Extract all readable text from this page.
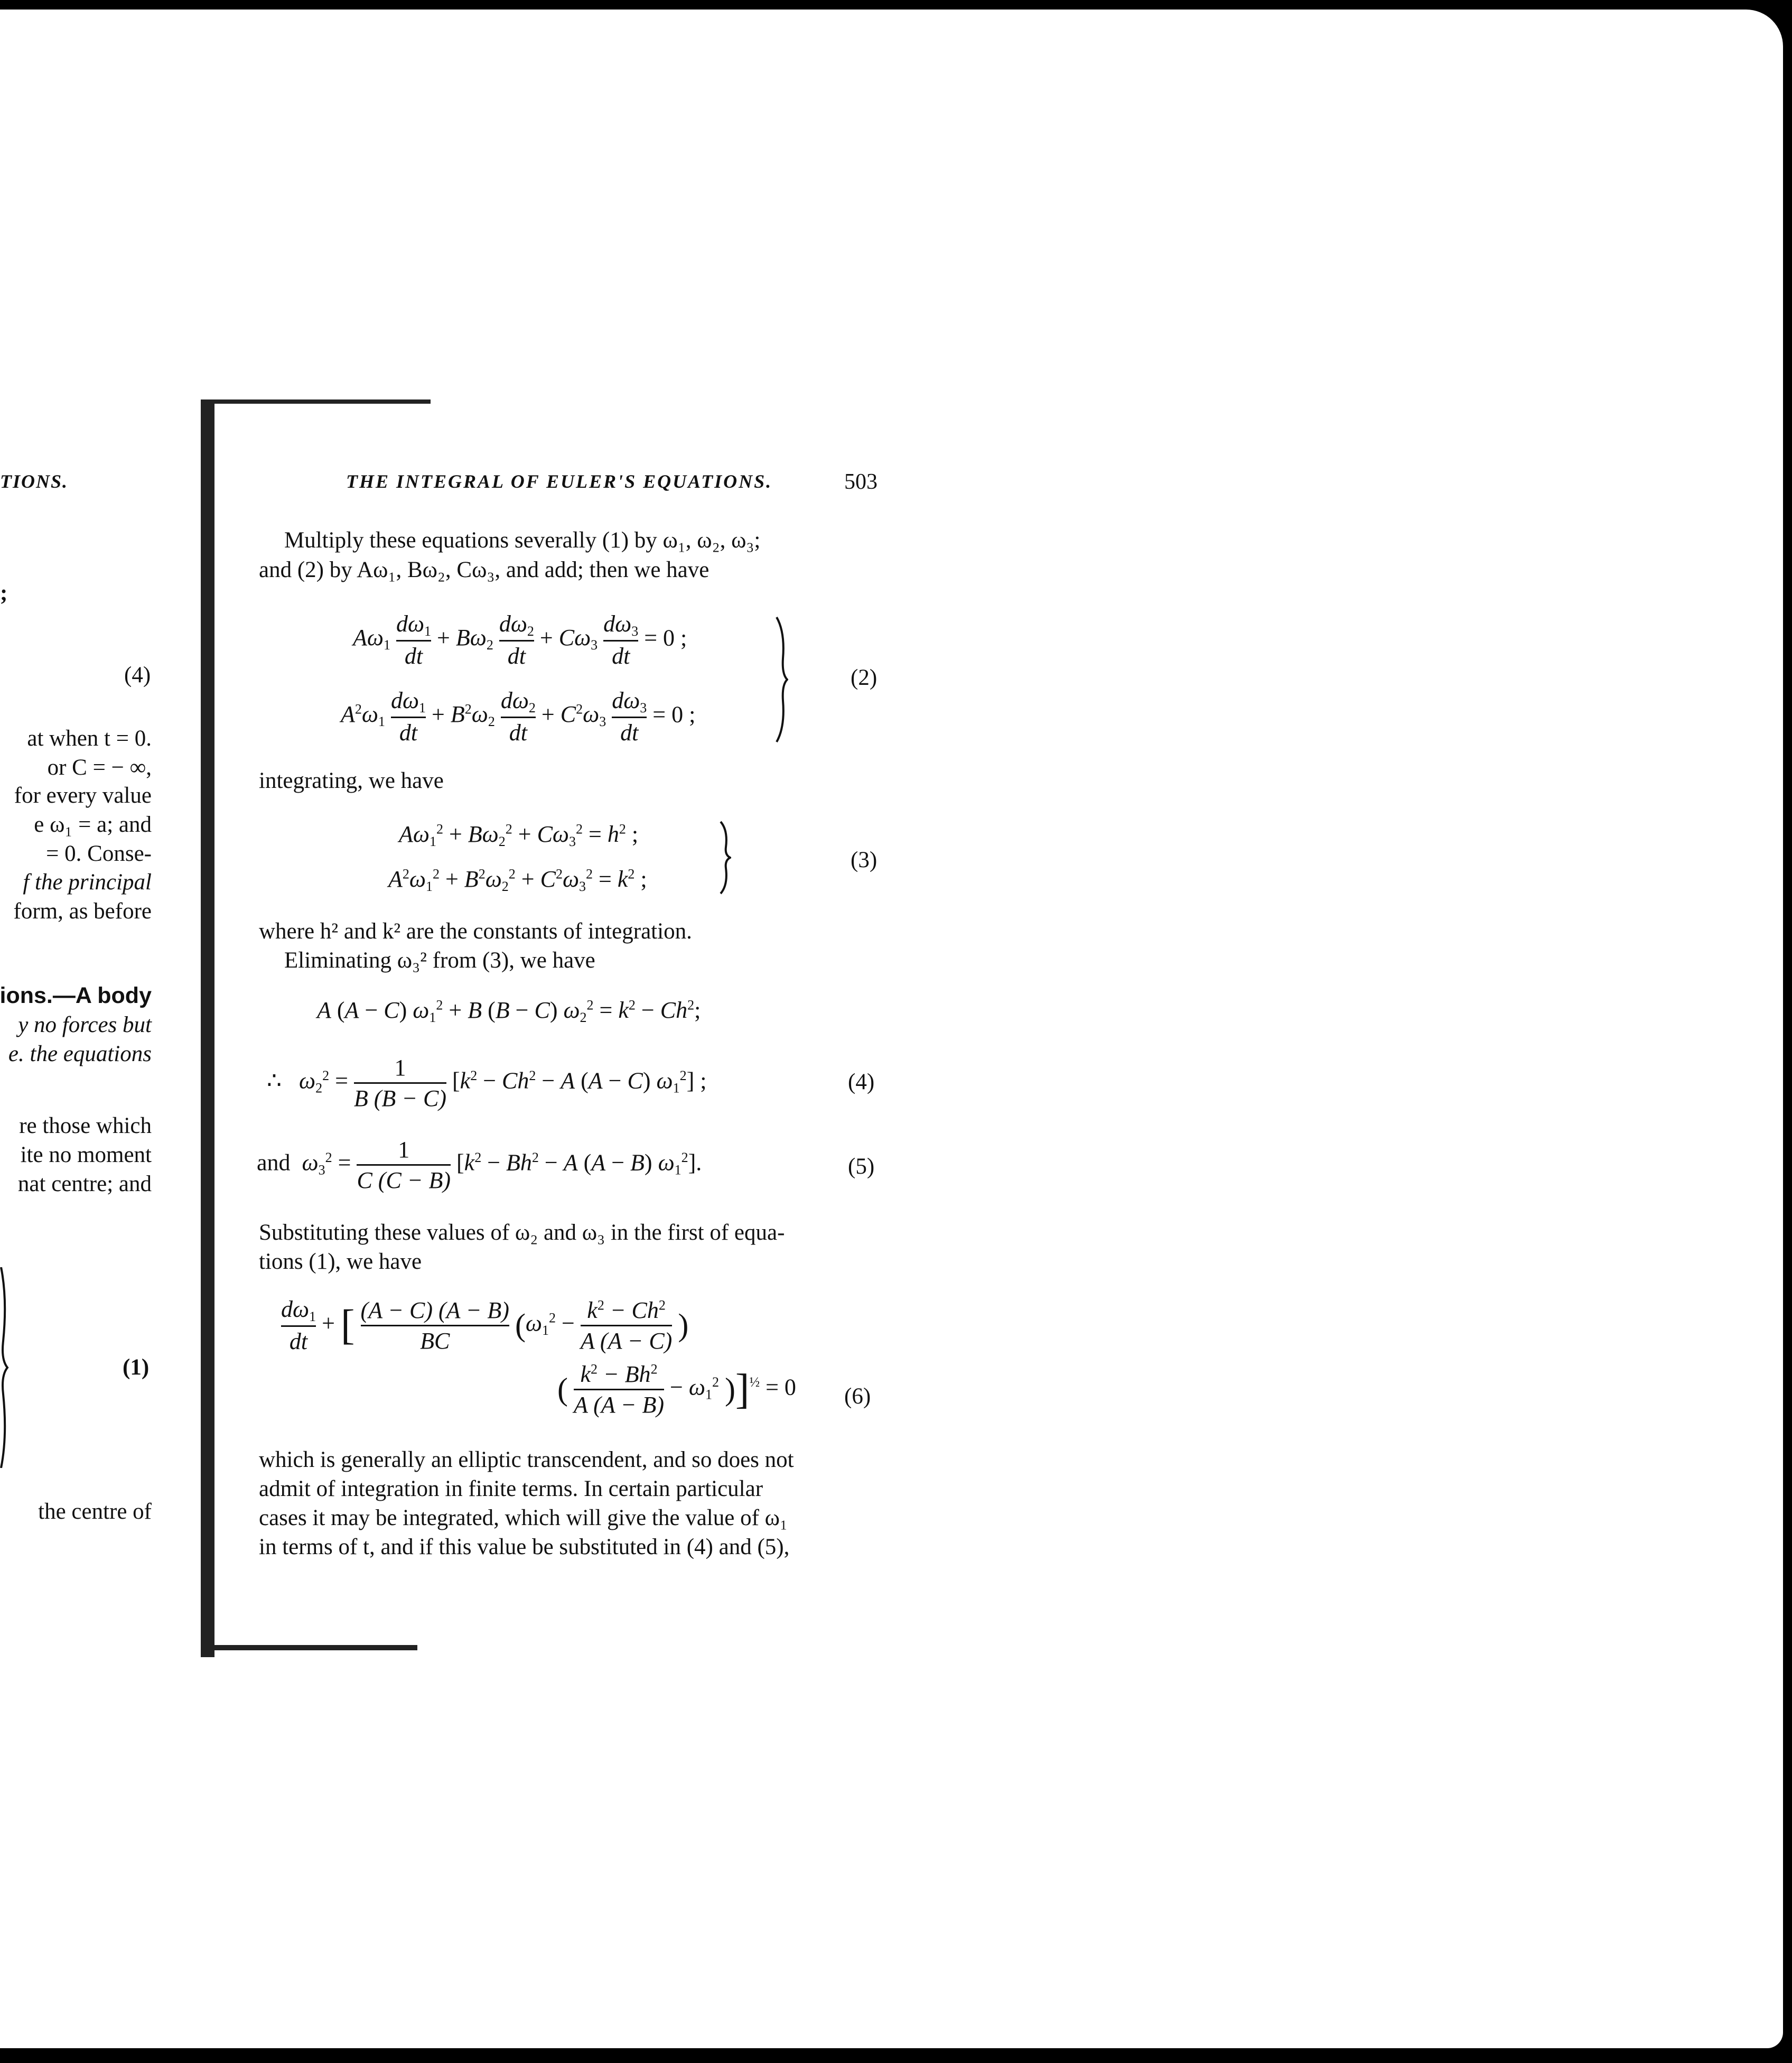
TIONS.
;
(4)
at when t = 0.
or C = − ∞,
for every value
e ω₁ = a; and
= 0. Conse-
f the principal
form, as before
ions.—A body
y no forces but
e. the equations
re those which
ite no moment
nat centre; and
(1)
the centre of
THE INTEGRAL OF EULER'S EQUATIONS.	503
Multiply these equations severally (1) by ω₁, ω₂, ω₃;
and (2) by Aω₁, Bω₂, Cω₃, and add; then we have
$A\omega_1 \frac{d\omega_1}{dt} + B\omega_2 \frac{d\omega_2}{dt} + C\omega_3 \frac{d\omega_3}{dt} = 0$ ;
$A^2\omega_1 \frac{d\omega_1}{dt} + B^2\omega_2 \frac{d\omega_2}{dt} + C^2\omega_3 \frac{d\omega_3}{dt} = 0$ ;
(2)
integrating, we have
$A\omega_1^2 + B\omega_2^2 + C\omega_3^2 = h^2$ ;
$A^2\omega_1^2 + B^2\omega_2^2 + C^2\omega_3^2 = k^2$ ;
(3)
where h² and k² are the constants of integration.
Eliminating ω₃² from (3), we have
A (A − C) $\omega_1^2 + B$ (B − C) $\omega_2^2 = k^2 - Ch^2$;
∴   $\omega_2^2 = \frac{1}{B (B - C)} [k^2 - Ch^2 - A$ (A − C) $\omega_1^2$] ;	(4)
and $\omega_3^2 = \frac{1}{C (C - B)} [k^2 - Bh^2 - A$ (A − B) $\omega_1^2$].	(5)
Substituting these values of ω₂ and ω₃ in the first of equa-
tions (1), we have
$\frac{d\omega_1}{dt}$ + [ $\frac{(A - C) (A - B)}{BC} (\omega_1^2 - \frac{k^2 - Ch^2}{A (A - C)}$ )
( $\frac{k^2 - Bh^2}{A (A - B)} - \omega_1^2$ )]$^{\frac{1}{2}}$ = 0 (6)
which is generally an elliptic transcendent, and so does not
admit of integration in finite terms. In certain particular
cases it may be integrated, which will give the value of ω₁
in terms of t, and if this value be substituted in (4) and (5),
